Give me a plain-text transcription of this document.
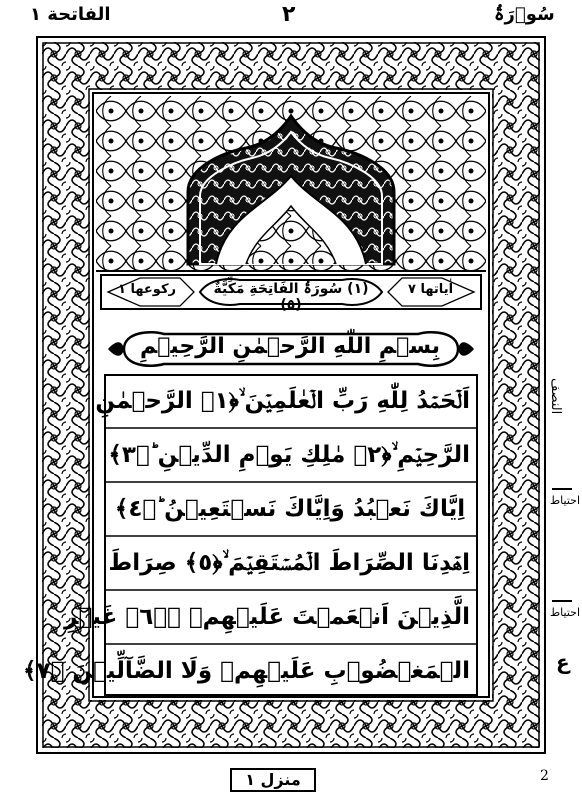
الفاتحة ١	٢	سُوۡرَۃُ
اٰیاتها ٧
(١) سُورَۃُ الفَاتِحَةِ مَكِّيَّةٌ (٥)
رکوعها ١
بِسۡمِ اللّٰهِ الرَّحۡمٰنِ الرَّحِيۡمِ
اَلۡحَمۡدُ لِلّٰهِ رَبِّ الۡعٰلَمِيۡنَ ۙ﴿١﴾ الرَّحۡمٰنِ
الرَّحِيۡمِ ۙ﴿٢﴾ مٰلِكِ يَوۡمِ الدِّيۡنِ ؕ﴿٣﴾
اِيَّاكَ نَعۡبُدُ وَاِيَّاكَ نَسۡتَعِيۡنُ ؕ﴿٤﴾
اِهۡدِنَا الصِّرَاطَ الۡمُسۡتَقِيۡمَ ۙ﴿٥﴾ صِرَاطَ
الَّذِيۡنَ اَنۡعَمۡتَ عَلَيۡهِمۡ ۙ﴿٦﴾ غَيۡرِ
الۡمَغۡضُوۡبِ عَلَيۡهِمۡ وَلَا الضَّآلِّيۡنَ ﴿٧﴾
النصف
احتیاط
احتیاط
ع
منزل ١	2
